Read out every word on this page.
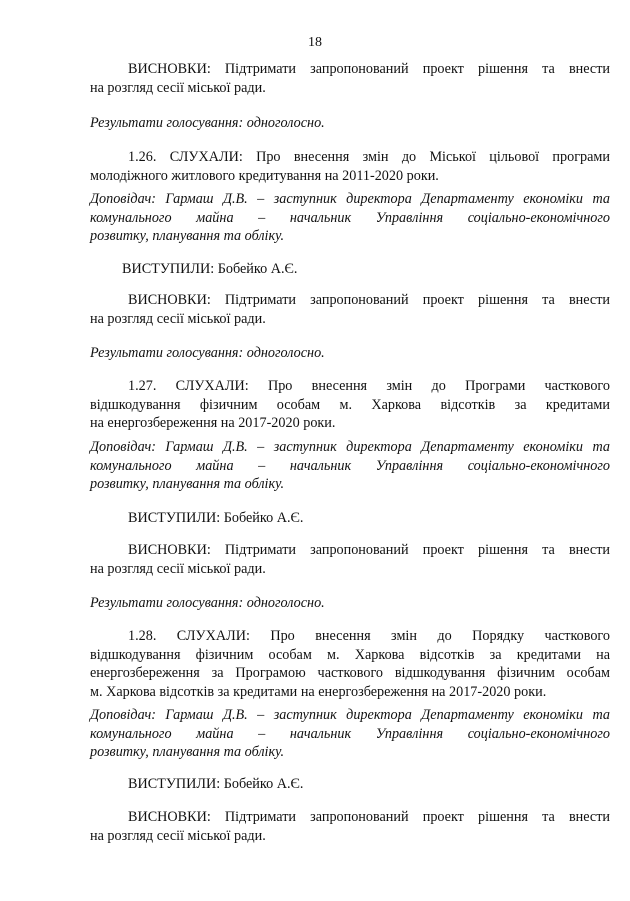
18
ВИСНОВКИ: Підтримати запропонований проект рішення та внести
на розгляд сесії міської ради.
Результати голосування: одноголосно.
1.26. СЛУХАЛИ: Про внесення змін до Міської цільової програми
молодіжного житлового кредитування на 2011-2020 роки.
Доповідач: Гармаш Д.В. – заступник директора Департаменту економіки та
комунального майна – начальник Управління соціально-економічного
розвитку, планування та обліку.
ВИСТУПИЛИ: Бобейко А.Є.
ВИСНОВКИ: Підтримати запропонований проект рішення та внести
на розгляд сесії міської ради.
Результати голосування: одноголосно.
1.27. СЛУХАЛИ: Про внесення змін до Програми часткового
відшкодування фізичним особам м. Харкова відсотків за кредитами
на енергозбереження на 2017-2020 роки.
Доповідач: Гармаш Д.В. – заступник директора Департаменту економіки та
комунального майна – начальник Управління соціально-економічного
розвитку, планування та обліку.
ВИСТУПИЛИ: Бобейко А.Є.
ВИСНОВКИ: Підтримати запропонований проект рішення та внести
на розгляд сесії міської ради.
Результати голосування: одноголосно.
1.28. СЛУХАЛИ: Про внесення змін до Порядку часткового
відшкодування фізичним особам м. Харкова відсотків за кредитами на
енергозбереження за Програмою часткового відшкодування фізичним особам
м. Харкова відсотків за кредитами на енергозбереження на 2017-2020 роки.
Доповідач: Гармаш Д.В. – заступник директора Департаменту економіки та
комунального майна – начальник Управління соціально-економічного
розвитку, планування та обліку.
ВИСТУПИЛИ: Бобейко А.Є.
ВИСНОВКИ: Підтримати запропонований проект рішення та внести
на розгляд сесії міської ради.
